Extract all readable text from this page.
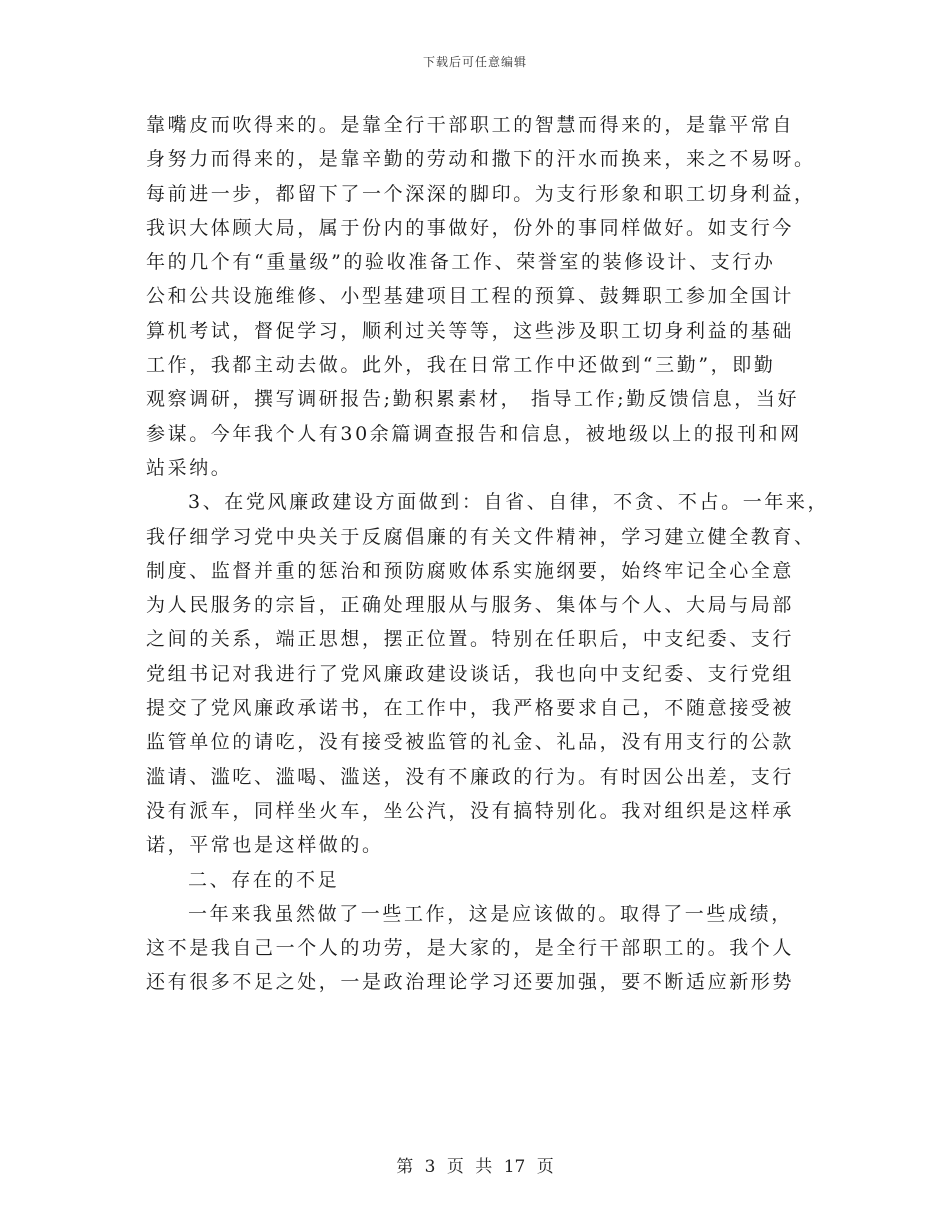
下载后可任意编辑
靠嘴皮而吹得来的。是靠全行干部职工的智慧而得来的，是靠平常自
身努力而得来的，是靠辛勤的劳动和撒下的汗水而换来，来之不易呀。
每前进一步，都留下了一个深深的脚印。为支行形象和职工切身利益，
我识大体顾大局，属于份内的事做好，份外的事同样做好。如支行今
年的几个有“重量级”的验收准备工作、荣誉室的装修设计、支行办
公和公共设施维修、小型基建项目工程的预算、鼓舞职工参加全国计
算机考试，督促学习，顺利过关等等，这些涉及职工切身利益的基础
工作，我都主动去做。此外，我在日常工作中还做到“三勤”，即勤
观察调研，撰写调研报告;勤积累素材， 指导工作;勤反馈信息，当好
参谋。今年我个人有30余篇调查报告和信息，被地级以上的报刊和网
站采纳。
3、在党风廉政建设方面做到：自省、自律，不贪、不占。一年来，
我仔细学习党中央关于反腐倡廉的有关文件精神，学习建立健全教育、
制度、监督并重的惩治和预防腐败体系实施纲要，始终牢记全心全意
为人民服务的宗旨，正确处理服从与服务、集体与个人、大局与局部
之间的关系，端正思想，摆正位置。特别在任职后，中支纪委、支行
党组书记对我进行了党风廉政建设谈话，我也向中支纪委、支行党组
提交了党风廉政承诺书，在工作中，我严格要求自己，不随意接受被
监管单位的请吃，没有接受被监管的礼金、礼品，没有用支行的公款
滥请、滥吃、滥喝、滥送，没有不廉政的行为。有时因公出差，支行
没有派车，同样坐火车，坐公汽，没有搞特别化。我对组织是这样承
诺，平常也是这样做的。
二、存在的不足
一年来我虽然做了一些工作，这是应该做的。取得了一些成绩，
这不是我自己一个人的功劳，是大家的，是全行干部职工的。我个人
还有很多不足之处，一是政治理论学习还要加强，要不断适应新形势
第 3 页 共 17 页
